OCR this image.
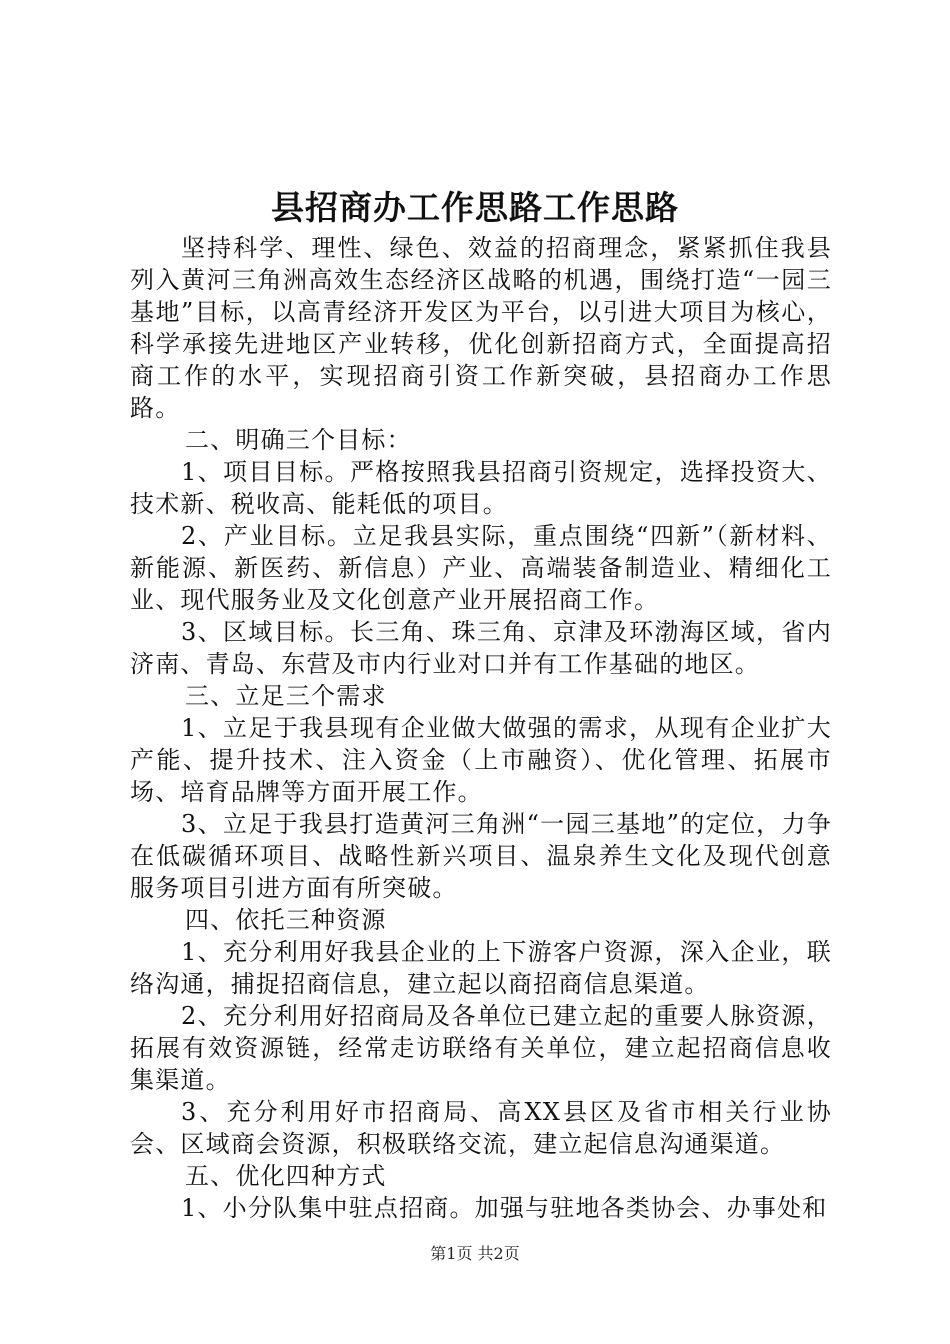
县招商办工作思路工作思路

坚持科学、理性、绿色、效益的招商理念，紧紧抓住我县列入黄河三角洲高效生态经济区战略的机遇，围绕打造“一园三基地”目标，以高青经济开发区为平台，以引进大项目为核心，科学承接先进地区产业转移，优化创新招商方式，全面提高招商工作的水平，实现招商引资工作新突破，县招商办工作思路。

二、明确三个目标：

1、项目目标。严格按照我县招商引资规定，选择投资大、技术新、税收高、能耗低的项目。

2、产业目标。立足我县实际，重点围绕“四新”（新材料、新能源、新医药、新信息）产业、高端装备制造业、精细化工业、现代服务业及文化创意产业开展招商工作。

3、区域目标。长三角、珠三角、京津及环渤海区域，省内济南、青岛、东营及市内行业对口并有工作基础的地区。

三、立足三个需求

1、立足于我县现有企业做大做强的需求，从现有企业扩大产能、提升技术、注入资金（上市融资）、优化管理、拓展市场、培育品牌等方面开展工作。

3、立足于我县打造黄河三角洲“一园三基地”的定位，力争在低碳循环项目、战略性新兴项目、温泉养生文化及现代创意服务项目引进方面有所突破。

四、依托三种资源

1、充分利用好我县企业的上下游客户资源，深入企业，联络沟通，捕捉招商信息，建立起以商招商信息渠道。

2、充分利用好招商局及各单位已建立起的重要人脉资源，拓展有效资源链，经常走访联络有关单位，建立起招商信息收集渠道。

3、充分利用好市招商局、高XX县区及省市相关行业协会、区域商会资源，积极联络交流，建立起信息沟通渠道。

五、优化四种方式

1、小分队集中驻点招商。加强与驻地各类协会、办事处和

第1页 共2页
